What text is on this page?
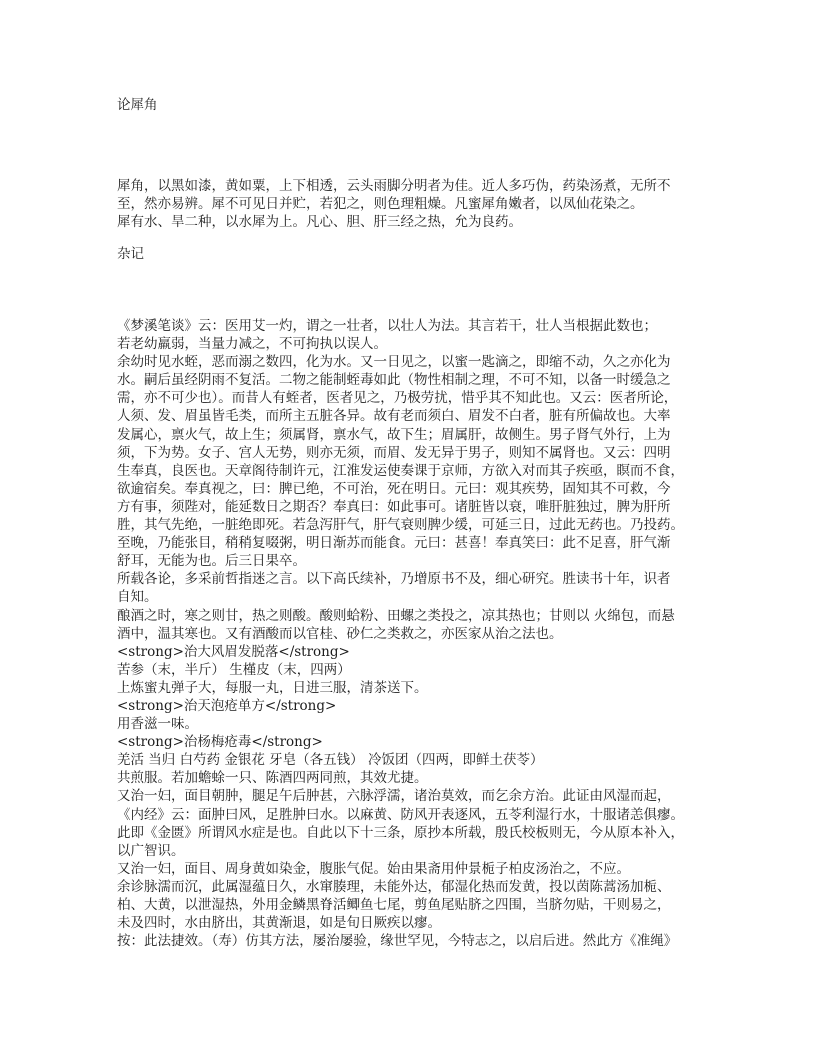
论犀角
犀角，以黑如漆，黄如粟，上下相透，云头雨脚分明者为佳。近人多巧伪，药染汤煮，无所不
至，然亦易辨。犀不可见日并贮，若犯之，则色理粗燥。凡蜜犀角嫩者，以凤仙花染之。
犀有水、旱二种，以水犀为上。凡心、胆、肝三经之热，允为良药。
杂记
《梦溪笔谈》云：医用艾一灼，谓之一壮者，以壮人为法。其言若干，壮人当根据此数也；
若老幼羸弱，当量力减之，不可拘执以误人。
余幼时见水蛭，恶而溺之数四，化为水。又一日见之，以蜜一匙滴之，即缩不动，久之亦化为
水。嗣后虽经阴雨不复活。二物之能制蛭毒如此（物性相制之理，不可不知，以备一时缓急之
需，亦不可少也）。而昔人有蛭者，医者见之，乃极劳扰，惜乎其不知此也。又云：医者所论，
人须、发、眉虽皆毛类，而所主五脏各异。故有老而须白、眉发不白者，脏有所偏故也。大率
发属心，禀火气，故上生；须属肾，禀水气，故下生；眉属肝，故侧生。男子肾气外行，上为
须，下为势。女子、宫人无势，则亦无须，而眉、发无异于男子，则知不属肾也。又云：四明
生奉真，良医也。天章阁待制许元，江淮发运使奏课于京师，方欲入对而其子疾亟，瞑而不食，
欲逾宿矣。奉真视之，曰：脾已绝，不可治，死在明日。元曰：观其疾势，固知其不可救，今
方有事，须陛对，能延数日之期否？奉真曰：如此事可。诸脏皆以衰，唯肝脏独过，脾为肝所
胜，其气先绝，一脏绝即死。若急泻肝气，肝气衰则脾少缓，可延三日，过此无药也。乃投药。
至晚，乃能张目，稍稍复啜粥，明日渐苏而能食。元曰：甚喜！奉真笑曰：此不足喜，肝气渐
舒耳，无能为也。后三日果卒。
所载各论，多采前哲指迷之言。以下高氏续补，乃增原书不及，细心研究。胜读书十年，识者
自知。
酿酒之时，寒之则甘，热之则酸。酸则蛤粉、田螺之类投之，凉其热也；甘则以 火绵包，而悬
酒中，温其寒也。又有酒酸而以官桂、砂仁之类救之，亦医家从治之法也。
<strong>治大风眉发脱落</strong>
苦参（末，半斤） 生槿皮（末，四两）
上炼蜜丸弹子大，每服一丸，日进三服，清茶送下。
<strong>治天泡疮单方</strong>
用香滋一味。
<strong>治杨梅疮毒</strong>
羌活 当归 白芍药 金银花 牙皂（各五钱） 冷饭团（四两，即鲜土茯苓）
共煎服。若加蟾蜍一只、陈酒四两同煎，其效尤捷。
又治一妇，面目朝肿，腿足午后肿甚，六脉浮濡，诸治莫效，而乞余方治。此证由风湿而起，
《内经》云：面肿曰风，足胜肿曰水。以麻黄、防风开表逐风，五苓利湿行水，十服诸恙俱瘳。
此即《金匮》所谓风水症是也。自此以下十三条，原抄本所载，殷氏校板则无，今从原本补入，
以广智识。
又治一妇，面目、周身黄如染金，腹胀气促。始由果斋用仲景栀子柏皮汤治之，不应。
余诊脉濡而沉，此属湿蕴日久，水窜腠理，未能外达，郁湿化热而发黄，投以茵陈蒿汤加栀、
柏、大黄，以泄湿热，外用金鳞黑脊活鲫鱼七尾，剪鱼尾贴脐之四围，当脐勿贴，干则易之，
未及四时，水由脐出，其黄渐退，如是旬日厥疾以瘳。
按：此法捷效。（寿）仿其方法，屡治屡验，缘世罕见，今特志之，以启后进。然此方《准绳》
